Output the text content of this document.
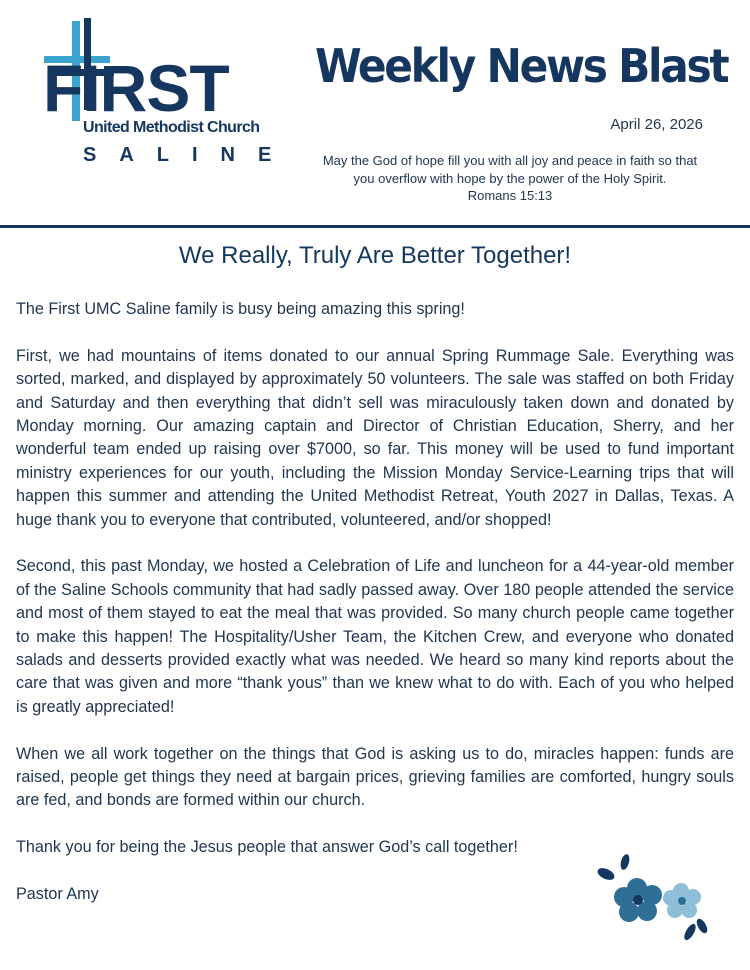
FIRST
United Methodist Church
SALINE
Weekly News Blast
April 26, 2026
May the God of hope fill you with all joy and peace in faith so that
you overflow with hope by the power of the Holy Spirit.
Romans 15:13
We Really, Truly Are Better Together!

The First UMC Saline family is busy being amazing this spring!

First, we had mountains of items donated to our annual Spring Rummage Sale. Everything was sorted, marked, and displayed by approximately 50 volunteers. The sale was staffed on both Friday and Saturday and then everything that didn’t sell was miraculously taken down and donated by Monday morning. Our amazing captain and Director of Christian Education, Sherry, and her wonderful team ended up raising over $7000, so far. This money will be used to fund important ministry experiences for our youth, including the Mission Monday Service-Learning trips that will happen this summer and attending the United Methodist Retreat, Youth 2027 in Dallas, Texas. A huge thank you to everyone that contributed, volunteered, and/or shopped!

Second, this past Monday, we hosted a Celebration of Life and luncheon for a 44-year-old member of the Saline Schools community that had sadly passed away. Over 180 people attended the service and most of them stayed to eat the meal that was provided. So many church people came together to make this happen! The Hospitality/Usher Team, the Kitchen Crew, and everyone who donated salads and desserts provided exactly what was needed. We heard so many kind reports about the care that was given and more “thank yous” than we knew what to do with. Each of you who helped is greatly appreciated!

When we all work together on the things that God is asking us to do, miracles happen: funds are raised, people get things they need at bargain prices, grieving families are comforted, hungry souls are fed, and bonds are formed within our church.

Thank you for being the Jesus people that answer God’s call together!

Pastor Amy
